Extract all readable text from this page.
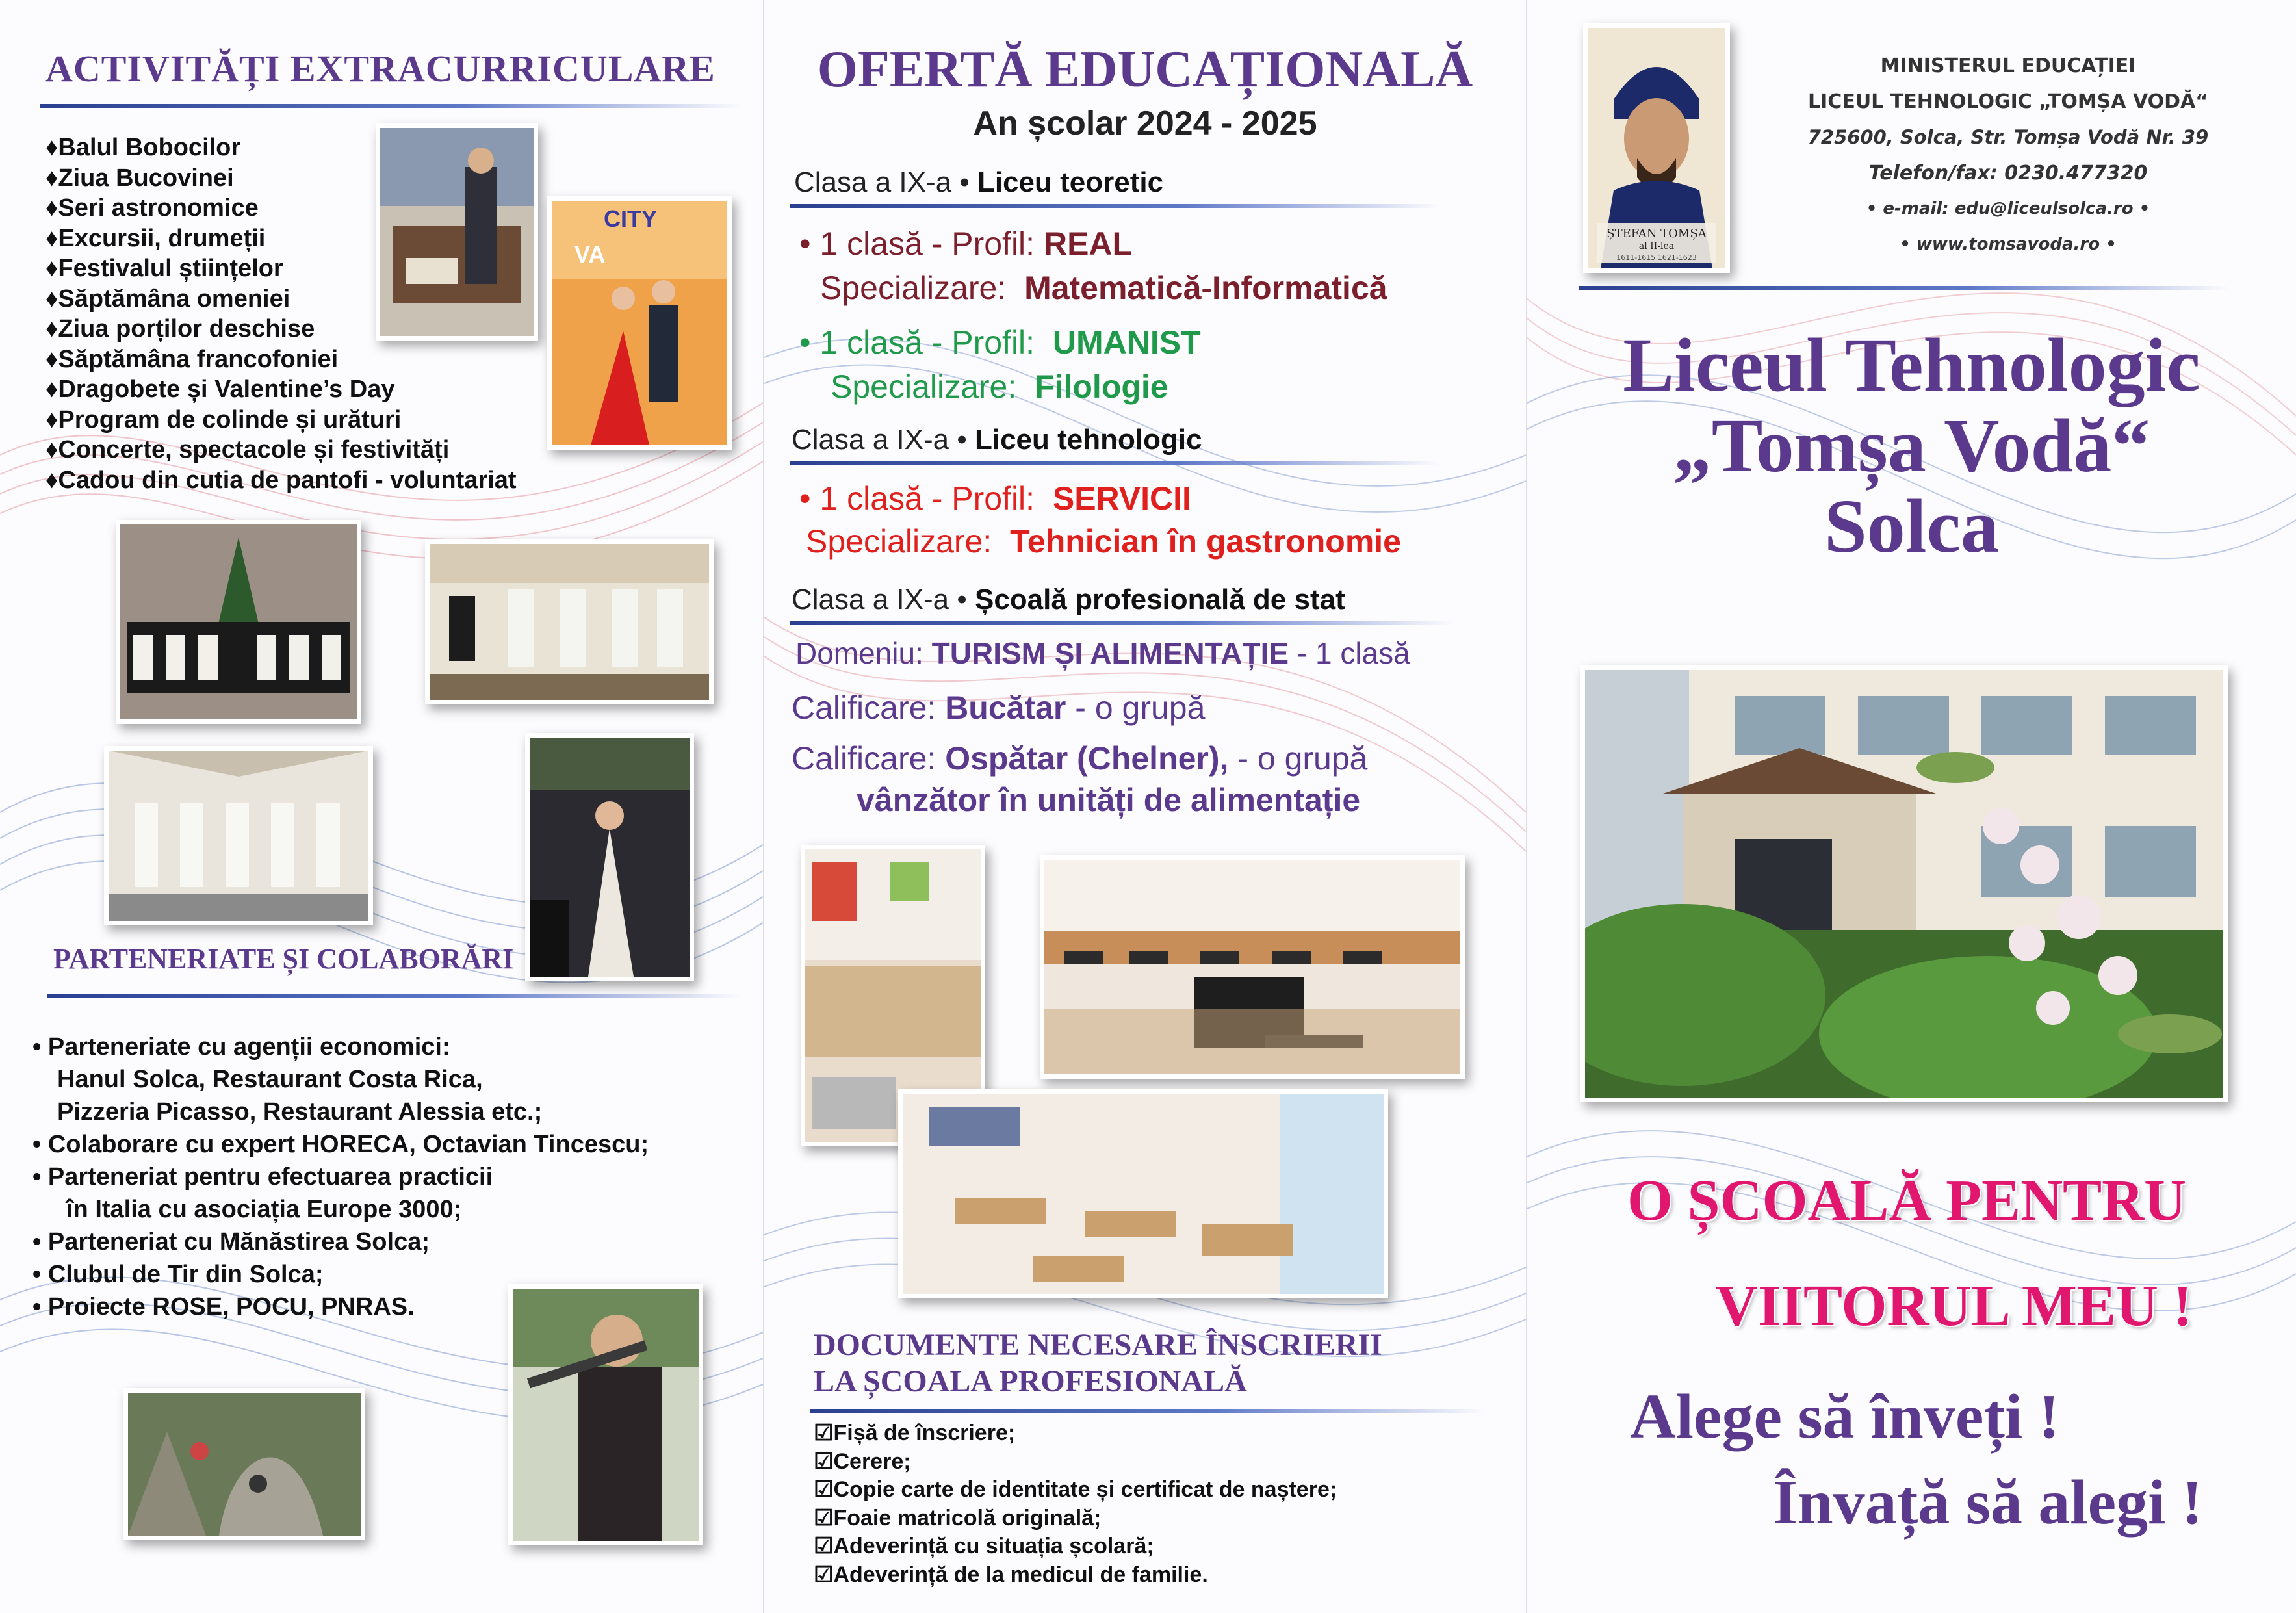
ACTIVITĂȚI EXTRACURRICULARE
♦ Balul Bobocilor
♦ Ziua Bucovinei
♦ Seri astronomice
♦ Excursii, drumeții
♦ Festivalul științelor
♦ Săptămâna omeniei
♦ Ziua porților deschise
♦ Săptămâna francofoniei
♦ Dragobete și Valentine’s Day
♦ Program de colinde și urături
♦ Concerte, spectacole și festivități
♦ Cadou din cutia de pantofi - voluntariat
CITY
VA
PARTENERIATE ȘI COLABORĂRI
• Parteneriate cu agenții economici:
Hanul Solca, Restaurant Costa Rica,
Pizzeria Picasso, Restaurant Alessia etc.;
• Colaborare cu expert HORECA, Octavian Tincescu;
• Parteneriat pentru efectuarea practicii
în Italia cu asociația Europe 3000;
• Parteneriat cu Mănăstirea Solca;
• Clubul de Tir din Solca;
• Proiecte ROSE, POCU, PNRAS.
OFERTĂ EDUCAȚIONALĂ
An școlar 2024 - 2025
Clasa a IX-a • Liceu teoretic
• 1 clasă - Profil: REAL
Specializare: Matematică-Informatică
• 1 clasă - Profil: UMANIST
Specializare: Filologie
Clasa a IX-a • Liceu tehnologic
• 1 clasă - Profil: SERVICII
Specializare: Tehnician în gastronomie
Clasa a IX-a • Școală profesională de stat
Domeniu: TURISM ȘI ALIMENTAȚIE - 1 clasă
Calificare: Bucătar - o grupă
Calificare: Ospătar (Chelner), - o grupă
vânzător în unități de alimentație
DOCUMENTE NECESARE ÎNSCRIERII
LA ȘCOALA PROFESIONALĂ
☑ Fișă de înscriere;
☑ Cerere;
☑ Copie carte de identitate și certificat de naștere;
☑ Foaie matricolă originală;
☑ Adeverință cu situația școlară;
☑ Adeverință de la medicul de familie.
ȘTEFAN TOMȘA
al II-lea
1611-1615 1621-1623
MINISTERUL EDUCAȚIEI
LICEUL TEHNOLOGIC „TOMȘA VODĂ“
725600, Solca, Str. Tomșa Vodă Nr. 39
Telefon/fax: 0230.477320
• e-mail: edu@liceulsolca.ro •
• www.tomsavoda.ro •
Liceul Tehnologic
„Tomșa Vodă“
Solca
O ȘCOALĂ PENTRU
VIITORUL MEU !
Alege să înveți !
Învață să alegi !
